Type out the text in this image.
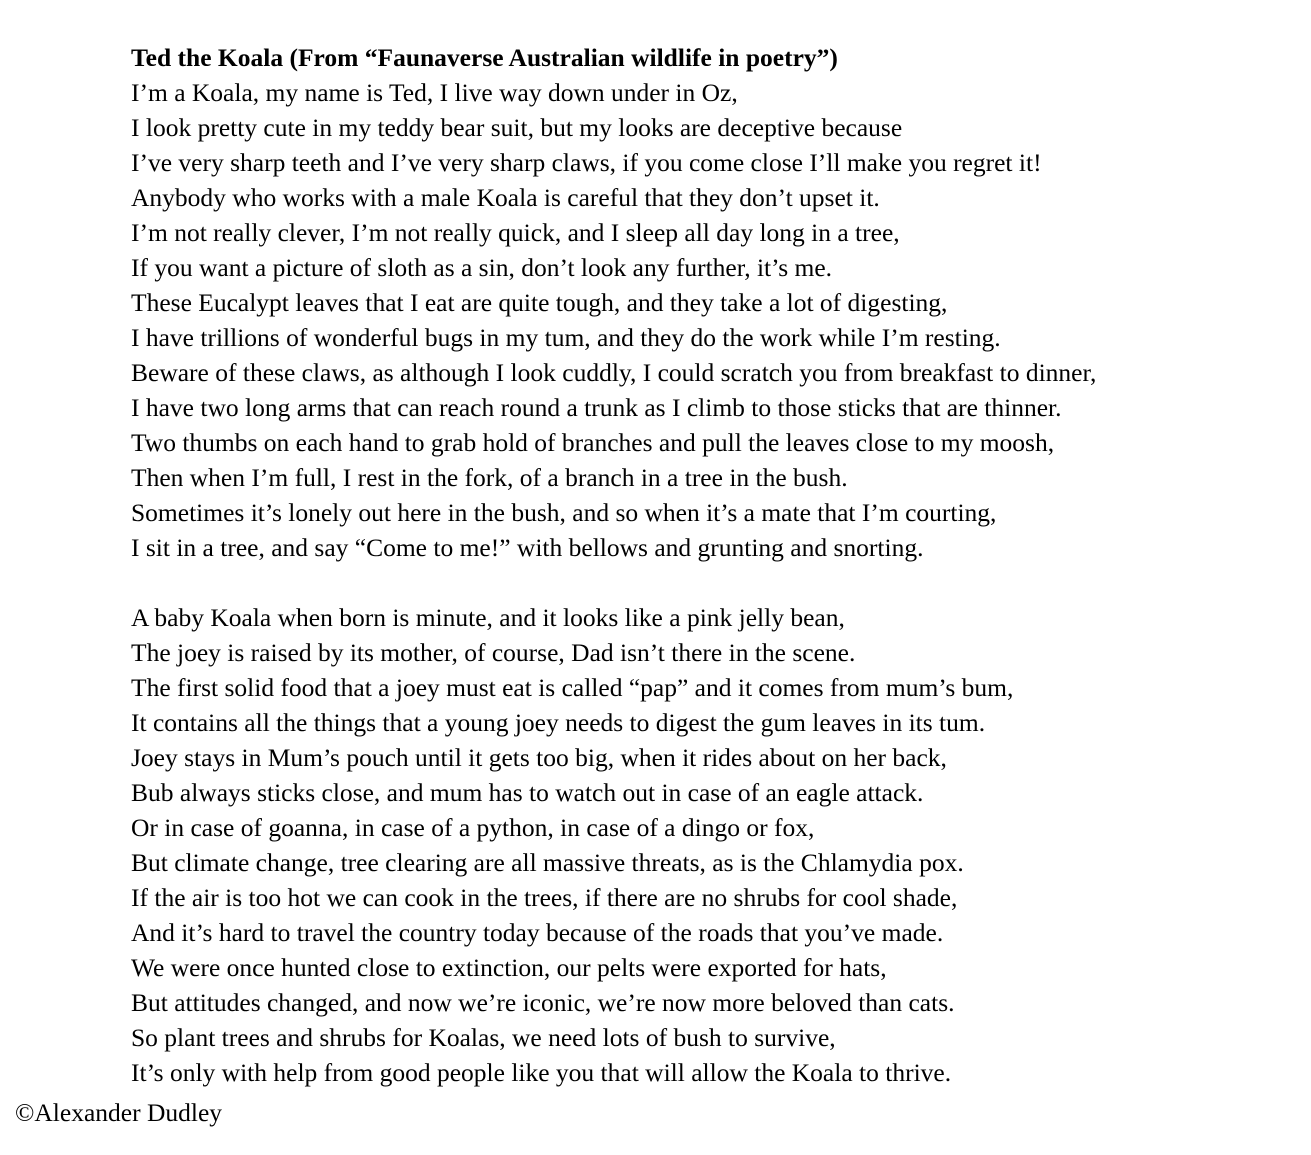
Ted the Koala (From “Faunaverse Australian wildlife in poetry”)
I’m a Koala, my name is Ted, I live way down under in Oz,
I look pretty cute in my teddy bear suit, but my looks are deceptive because
I’ve very sharp teeth and I’ve very sharp claws, if you come close I’ll make you regret it!
Anybody who works with a male Koala is careful that they don’t upset it.
I’m not really clever, I’m not really quick, and I sleep all day long in a tree,
If you want a picture of sloth as a sin, don’t look any further, it’s me.
These Eucalypt leaves that I eat are quite tough, and they take a lot of digesting,
I have trillions of wonderful bugs in my tum, and they do the work while I’m resting.
Beware of these claws, as although I look cuddly, I could scratch you from breakfast to dinner,
I have two long arms that can reach round a trunk as I climb to those sticks that are thinner.
Two thumbs on each hand to grab hold of branches and pull the leaves close to my moosh,
Then when I’m full, I rest in the fork, of a branch in a tree in the bush.
Sometimes it’s lonely out here in the bush, and so when it’s a mate that I’m courting,
I sit in a tree, and say “Come to me!” with bellows and grunting and snorting.
A baby Koala when born is minute, and it looks like a pink jelly bean,
The joey is raised by its mother, of course, Dad isn’t there in the scene.
The first solid food that a joey must eat is called “pap” and it comes from mum’s bum,
It contains all the things that a young joey needs to digest the gum leaves in its tum.
Joey stays in Mum’s pouch until it gets too big, when it rides about on her back,
Bub always sticks close, and mum has to watch out in case of an eagle attack.
Or in case of goanna, in case of a python, in case of a dingo or fox,
But climate change, tree clearing are all massive threats, as is the Chlamydia pox.
If the air is too hot we can cook in the trees, if there are no shrubs for cool shade,
And it’s hard to travel the country today because of the roads that you’ve made.
We were once hunted close to extinction, our pelts were exported for hats,
But attitudes changed, and now we’re iconic, we’re now more beloved than cats.
So plant trees and shrubs for Koalas, we need lots of bush to survive,
It’s only with help from good people like you that will allow the Koala to thrive.
©Alexander Dudley
